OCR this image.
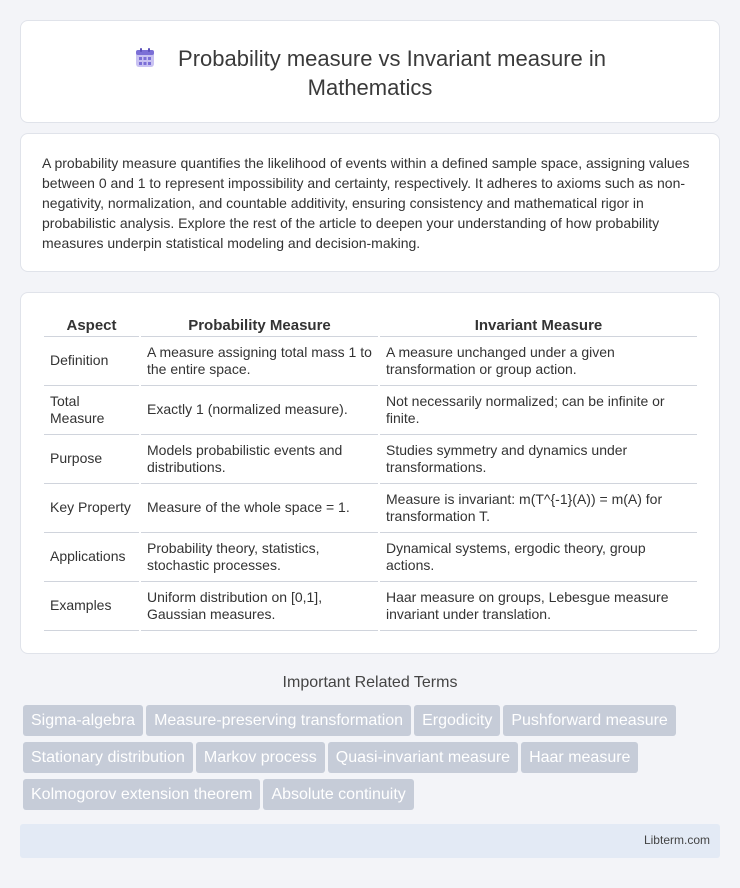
Probability measure vs Invariant measure in Mathematics

A probability measure quantifies the likelihood of events within a defined sample space, assigning values between 0 and 1 to represent impossibility and certainty, respectively. It adheres to axioms such as non-negativity, normalization, and countable additivity, ensuring consistency and mathematical rigor in probabilistic analysis. Explore the rest of the article to deepen your understanding of how probability measures underpin statistical modeling and decision-making.

Aspect	Probability Measure	Invariant Measure
Definition	A measure assigning total mass 1 to the entire space.	A measure unchanged under a given transformation or group action.
Total Measure	Exactly 1 (normalized measure).	Not necessarily normalized; can be infinite or finite.
Purpose	Models probabilistic events and distributions.	Studies symmetry and dynamics under transformations.
Key Property	Measure of the whole space = 1.	Measure is invariant: m(T^{-1}(A)) = m(A) for transformation T.
Applications	Probability theory, statistics, stochastic processes.	Dynamical systems, ergodic theory, group actions.
Examples	Uniform distribution on [0,1], Gaussian measures.	Haar measure on groups, Lebesgue measure invariant under translation.
Important Related Terms
Sigma-algebra Measure-preserving transformation Ergodicity Pushforward measureStationary distribution Markov process Quasi-invariant measure Haar measureKolmogorov extension theorem Absolute continuity
Libterm.com
